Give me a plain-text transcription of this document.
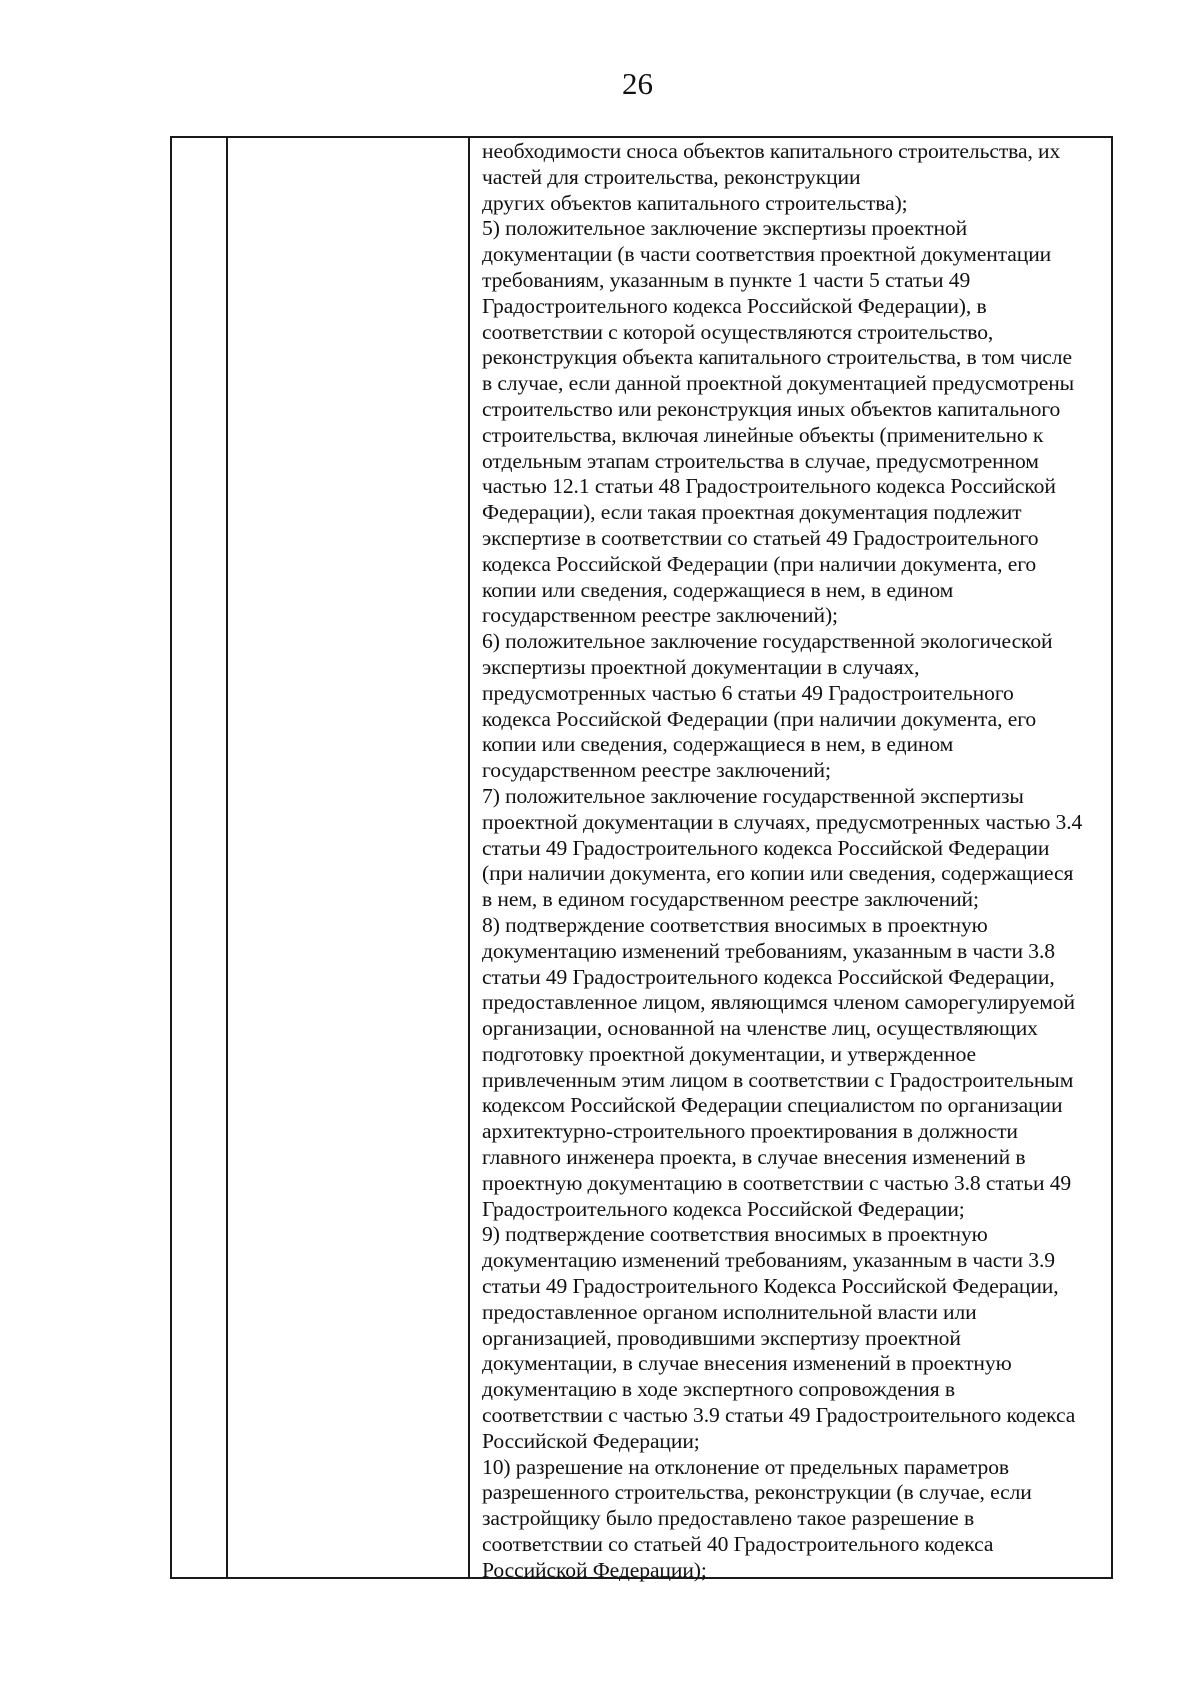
26
необходимости сноса объектов капитального строительства, их
частей для строительства, реконструкции
других объектов капитального строительства);
5) положительное заключение экспертизы проектной
документации (в части соответствия проектной документации
требованиям, указанным в пункте 1 части 5 статьи 49
Градостроительного кодекса Российской Федерации), в
соответствии с которой осуществляются строительство,
реконструкция объекта капитального строительства, в том числе
в случае, если данной проектной документацией предусмотрены
строительство или реконструкция иных объектов капитального
строительства, включая линейные объекты (применительно к
отдельным этапам строительства в случае, предусмотренном
частью 12.1 статьи 48 Градостроительного кодекса Российской
Федерации), если такая проектная документация подлежит
экспертизе в соответствии со статьей 49 Градостроительного
кодекса Российской Федерации (при наличии документа, его
копии или сведения, содержащиеся в нем, в едином
государственном реестре заключений);
6) положительное заключение государственной экологической
экспертизы проектной документации в случаях,
предусмотренных частью 6 статьи 49 Градостроительного
кодекса Российской Федерации (при наличии документа, его
копии или сведения, содержащиеся в нем, в едином
государственном реестре заключений;
7) положительное заключение государственной экспертизы
проектной документации в случаях, предусмотренных частью 3.4
статьи 49 Градостроительного кодекса Российской Федерации
(при наличии документа, его копии или сведения, содержащиеся
в нем, в едином государственном реестре заключений;
8) подтверждение соответствия вносимых в проектную
документацию изменений требованиям, указанным в части 3.8
статьи 49 Градостроительного кодекса Российской Федерации,
предоставленное лицом, являющимся членом саморегулируемой
организации, основанной на членстве лиц, осуществляющих
подготовку проектной документации, и утвержденное
привлеченным этим лицом в соответствии с Градостроительным
кодексом Российской Федерации специалистом по организации
архитектурно-строительного проектирования в должности
главного инженера проекта, в случае внесения изменений в
проектную документацию в соответствии с частью 3.8 статьи 49
Градостроительного кодекса Российской Федерации;
9) подтверждение соответствия вносимых в проектную
документацию изменений требованиям, указанным в части 3.9
статьи 49 Градостроительного Кодекса Российской Федерации,
предоставленное органом исполнительной власти или
организацией, проводившими экспертизу проектной
документации, в случае внесения изменений в проектную
документацию в ходе экспертного сопровождения в
соответствии с частью 3.9 статьи 49 Градостроительного кодекса
Российской Федерации;
10) разрешение на отклонение от предельных параметров
разрешенного строительства, реконструкции (в случае, если
застройщику было предоставлено такое разрешение в
соответствии со статьей 40 Градостроительного кодекса
Российской Федерации);
